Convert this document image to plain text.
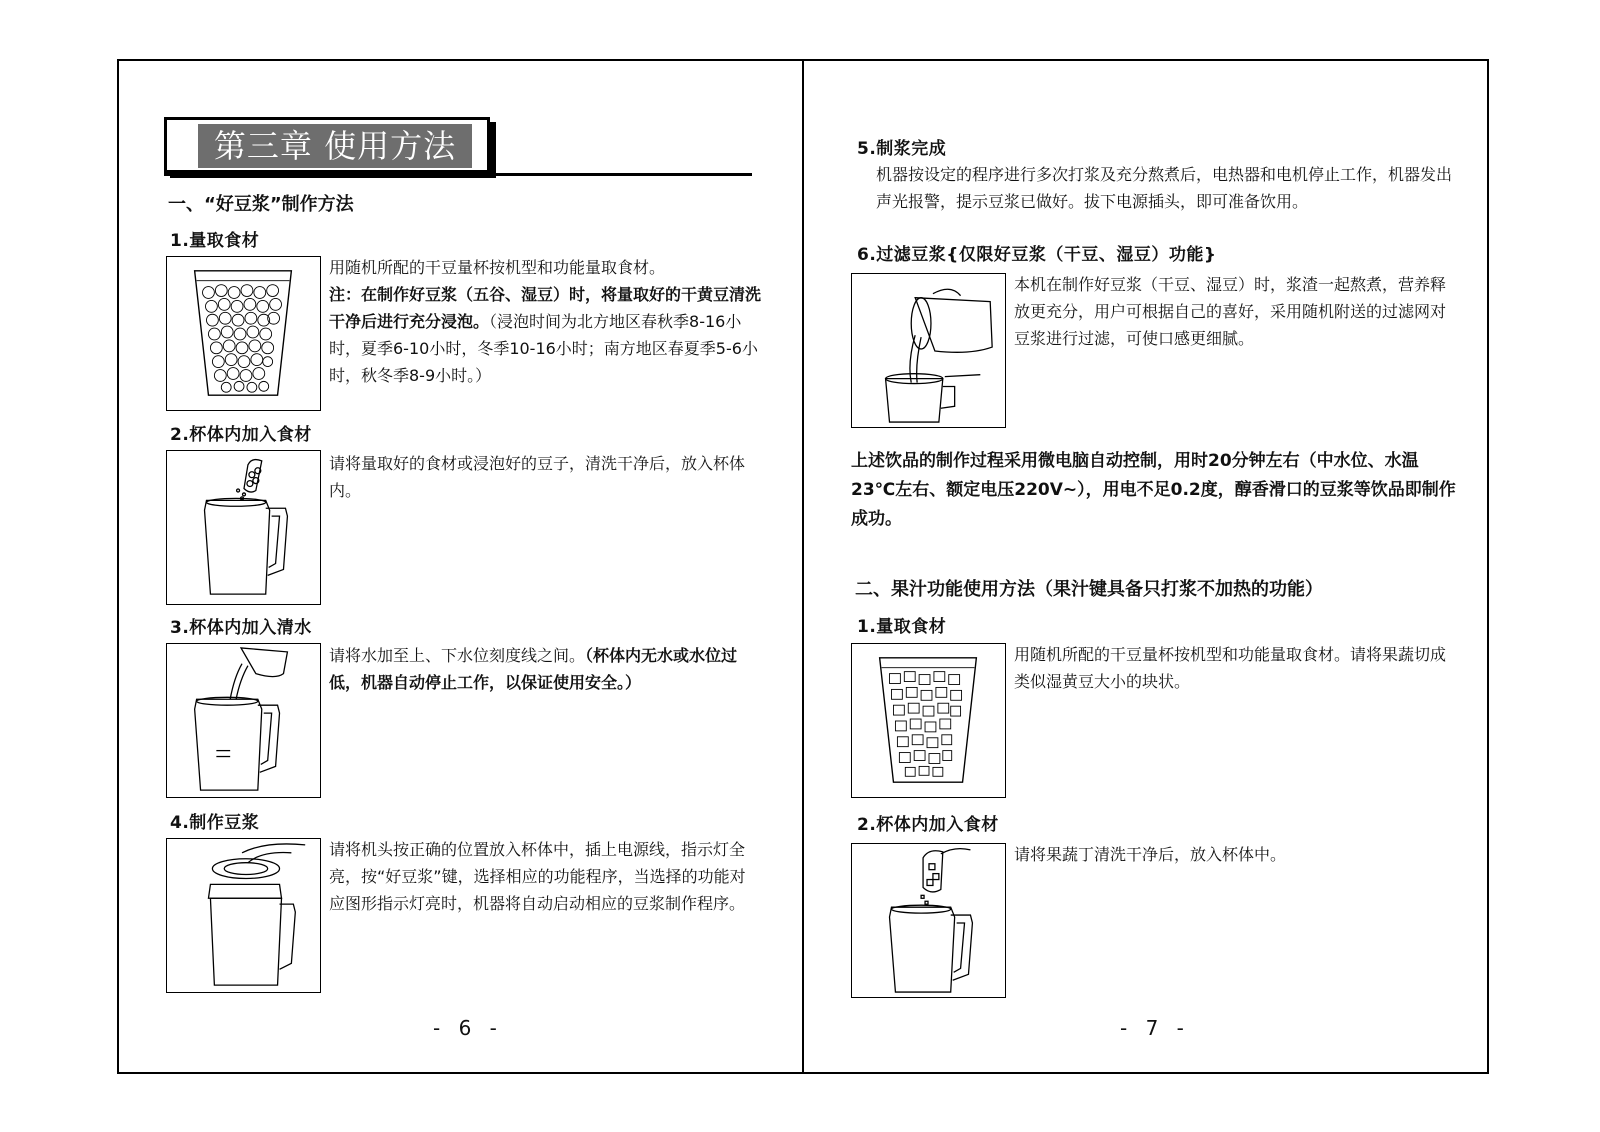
第三章 使用方法
一、“好豆浆”制作方法
1.量取食材
用随机所配的干豆量杯按机型和功能量取食材。
注：在制作好豆浆（五谷、湿豆）时，将量取好的干黄豆清洗干净后进行充分浸泡。（浸泡时间为北方地区春秋季8-16小时，夏季6-10小时，冬季10-16小时；南方地区春夏季5-6小时，秋冬季8-9小时。）
2.杯体内加入食材
请将量取好的食材或浸泡好的豆子，清洗干净后，放入杯体内。
3.杯体内加入清水
请将水加至上、下水位刻度线之间。（杯体内无水或水位过低，机器自动停止工作，以保证使用安全。）
4.制作豆浆
请将机头按正确的位置放入杯体中，插上电源线，指示灯全亮，按“好豆浆”键，选择相应的功能程序，当选择的功能对应图形指示灯亮时，机器将自动启动相应的豆浆制作程序。
- 6 -
5.制浆完成
机器按设定的程序进行多次打浆及充分熬煮后，电热器和电机停止工作，机器发出声光报警，提示豆浆已做好。拔下电源插头，即可准备饮用。
6.过滤豆浆{仅限好豆浆（干豆、湿豆）功能}
本机在制作好豆浆（干豆、湿豆）时，浆渣一起熬煮，营养释放更充分，用户可根据自己的喜好，采用随机附送的过滤网对豆浆进行过滤，可使口感更细腻。
上述饮品的制作过程采用微电脑自动控制，用时20分钟左右（中水位、水温23℃左右、额定电压220V~），用电不足0.2度，醇香滑口的豆浆等饮品即制作成功。
二、果汁功能使用方法（果汁键具备只打浆不加热的功能）
1.量取食材
用随机所配的干豆量杯按机型和功能量取食材。请将果蔬切成类似湿黄豆大小的块状。
2.杯体内加入食材
请将果蔬丁清洗干净后，放入杯体中。
- 7 -
